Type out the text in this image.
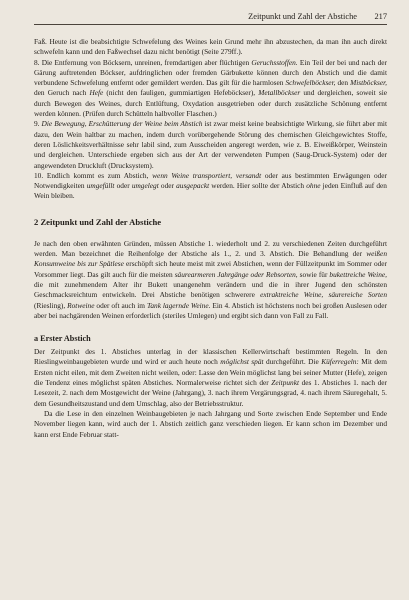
Zeitpunkt und Zahl der Abstiche 217

Faß. Heute ist die beabsichtigte Schwefelung des Weines kein Grund mehr ihn abzustechen, da man ihn auch direkt schwefeln kann und den Faßwechsel dazu nicht benötigt (Seite 279ff.).

8. Die Entfernung von Böcksern, unreinen, fremdartigen aber flüchtigen Geruchsstoffen. Ein Teil der bei und nach der Gärung auftretenden Böckser, aufdringlichen oder fremden Gärbukette können durch den Abstich und die damit verbundene Schwefelung entfernt oder gemildert werden. Das gilt für die harmlosen Schwefelböckser, den Mistböckser, den Geruch nach Hefe (nicht den fauligen, gummiartigen Hefeböckser), Metallböckser und dergleichen, soweit sie durch Bewegen des Weines, durch Entlüftung, Oxydation ausgetrieben oder durch zusätzliche Schönung entfernt werden können. (Prüfen durch Schütteln halbvoller Flaschen.)

9. Die Bewegung, Erschütterung der Weine beim Abstich ist zwar meist keine beabsichtigte Wirkung, sie führt aber mit dazu, den Wein haltbar zu machen, indem durch vorübergehende Störung des chemischen Gleichgewichtes Stoffe, deren Löslichkeitsverhältnisse sehr labil sind, zum Ausscheiden angeregt werden, wie z. B. Eiweißkörper, Weinstein und dergleichen. Unterschiede ergeben sich aus der Art der verwendeten Pumpen (Saug-Druck-System) oder der angewendeten Druckluft (Drucksystem).

10. Endlich kommt es zum Abstich, wenn Weine transportiert, versandt oder aus bestimmten Erwägungen oder Notwendigkeiten umgefüllt oder umgelegt oder ausgepackt werden. Hier sollte der Abstich ohne jeden Einfluß auf den Wein bleiben.

2 Zeitpunkt und Zahl der Abstiche

Je nach den oben erwähnten Gründen, müssen Abstiche 1. wiederholt und 2. zu verschiedenen Zeiten durchgeführt werden. Man bezeichnet die Reihenfolge der Abstiche als 1., 2. und 3. Abstich. Die Behandlung der weißen Konsumweine bis zur Spätlese erschöpft sich heute meist mit zwei Abstichen, wenn der Füllzeitpunkt im Sommer oder Vorsommer liegt. Das gilt auch für die meisten säurearmeren Jahrgänge oder Rebsorten, sowie für bukettreiche Weine, die mit zunehmendem Alter ihr Bukett unangenehm verändern und die in ihrer Jugend den schönsten Geschmacksreichtum entwickeln. Drei Abstiche benötigen schwerere extraktreiche Weine, säurereiche Sorten (Riesling), Rotweine oder oft auch im Tank lagernde Weine. Ein 4. Abstich ist höchstens noch bei großen Auslesen oder aber bei nachgärenden Weinen erforderlich (steriles Umlegen) und ergibt sich dann von Fall zu Fall.

a Erster Abstich

Der Zeitpunkt des 1. Abstiches unterlag in der klassischen Kellerwirtschaft bestimmten Regeln. In den Rieslingweinbaugebieten wurde und wird er auch heute noch möglichst spät durchgeführt. Die Küferregeln: Mit dem Ersten nicht eilen, mit dem Zweiten nicht weilen, oder: Lasse den Wein möglichst lang bei seiner Mutter (Hefe), zeigen die Tendenz eines möglichst späten Abstiches. Normalerweise richtet sich der Zeitpunkt des 1. Abstiches 1. nach der Lesezeit, 2. nach dem Mostgewicht der Weine (Jahrgang), 3. nach ihrem Vergärungsgrad, 4. nach ihrem Säuregehalt, 5. dem Gesundheitszustand und dem Umschlag, also der Betriebsstruktur.

Da die Lese in den einzelnen Weinbaugebieten je nach Jahrgang und Sorte zwischen Ende September und Ende November liegen kann, wird auch der 1. Abstich zeitlich ganz verschieden liegen. Er kann schon im Dezember und kann erst Ende Februar statt-
